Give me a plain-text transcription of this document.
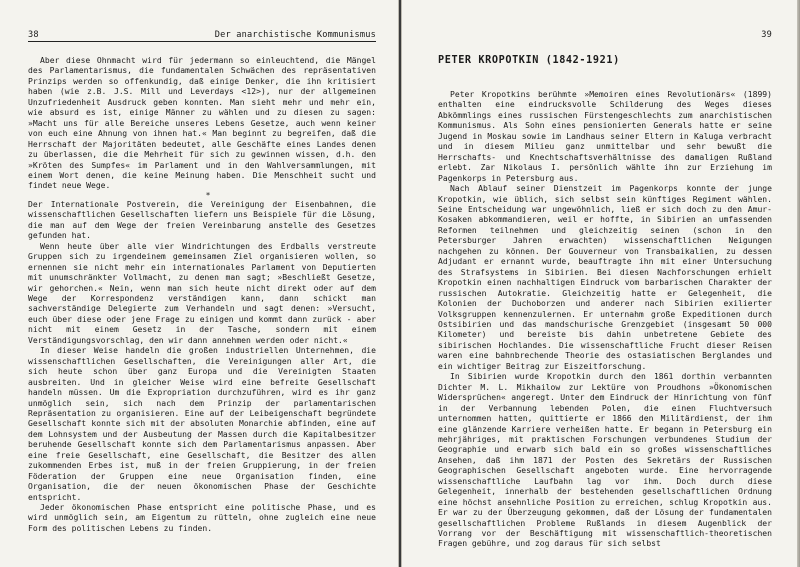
38	Der anarchistische Kommunismus

Aber diese Ohnmacht wird für jedermann so einleuchtend, die Mängel des Parlamentarismus, die fundamentalen Schwächen des repräsentativen Prinzips werden so offenkundig, daß einige Denker, die ihn kritisiert haben (wie z.B. J.S. Mill und Leverdays <12>), nur der allgemeinen Unzufriedenheit Ausdruck geben konnten. Man sieht mehr und mehr ein, wie absurd es ist, einige Männer zu wählen und zu diesen zu sagen: »Macht uns für alle Bereiche unseres Lebens Gesetze, auch wenn keiner von euch eine Ahnung von ihnen hat.« Man beginnt zu begreifen, daß die Herrschaft der Majoritäten bedeutet, alle Geschäfte eines Landes denen zu überlassen, die die Mehrheit für sich zu gewinnen wissen, d.h. den »Kröten des Sumpfes« im Parlament und in den Wahlversammlungen, mit einem Wort denen, die keine Meinung haben. Die Menschheit sucht und findet neue Wege.

*

Der Internationale Postverein, die Vereinigung der Eisenbahnen, die wissenschaftlichen Gesellschaften liefern uns Beispiele für die Lösung, die man auf dem Wege der freien Vereinbarung anstelle des Gesetzes gefunden hat.

Wenn heute über alle vier Windrichtungen des Erdballs verstreute Gruppen sich zu irgendeinem gemeinsamen Ziel organisieren wollen, so ernennen sie nicht mehr ein internationales Parlament von Deputierten mit unumschränkter Vollmacht, zu denen man sagt; »Beschließt Gesetze, wir gehorchen.« Nein, wenn man sich heute nicht direkt oder auf dem Wege der Korrespondenz verständigen kann, dann schickt man sachverständige Delegierte zum Verhandeln und sagt denen: »Versucht, euch über diese oder jene Frage zu einigen und kommt dann zurück - aber nicht mit einem Gesetz in der Tasche, sondern mit einem Verständigungsvorschlag, den wir dann annehmen werden oder nicht.«

In dieser Weise handeln die großen industriellen Unternehmen, die wissenschaftlichen Gesellschaften, die Vereinigungen aller Art, die sich heute schon über ganz Europa und die Vereinigten Staaten ausbreiten. Und in gleicher Weise wird eine befreite Gesellschaft handeln müssen. Um die Expropriation durchzuführen, wird es ihr ganz unmöglich sein, sich nach dem Prinzip der parlamentarischen Repräsentation zu organisieren. Eine auf der Leibeigenschaft begründete Gesellschaft konnte sich mit der absoluten Monarchie abfinden, eine auf dem Lohnsystem und der Ausbeutung der Massen durch die Kapitalbesitzer beruhende Gesellschaft konnte sich dem Parlamentarismus anpassen. Aber eine freie Gesellschaft, eine Gesellschaft, die Besitzer des allen zukommenden Erbes ist, muß in der freien Gruppierung, in der freien Föderation der Gruppen eine neue Organisation finden, eine Organisation, die der neuen ökonomischen Phase der Geschichte entspricht.

Jeder ökonomischen Phase entspricht eine politische Phase, und es wird unmöglich sein, am Eigentum zu rütteln, ohne zugleich eine neue Form des politischen Lebens zu finden.

39
PETER KROPOTKIN (1842-1921)

Peter Kropotkins berühmte »Memoiren eines Revolutionärs« (1899) enthalten eine eindrucksvolle Schilderung des Weges dieses Abkömmlings eines russischen Fürstengeschlechts zum anarchistischen Kommunismus. Als Sohn eines pensionierten Generals hatte er seine Jugend in Moskau sowie im Landhaus seiner Eltern in Kaluga verbracht und in diesem Milieu ganz unmittelbar und sehr bewußt die Herrschafts- und Knechtschaftsverhältnisse des damaligen Rußland erlebt. Zar Nikolaus I. persönlich wählte ihn zur Erziehung im Pagenkorps in Petersburg aus.

Nach Ablauf seiner Dienstzeit im Pagenkorps konnte der junge Kropotkin, wie üblich, sich selbst sein künftiges Regiment wählen. Seine Entscheidung war ungewöhnlich, ließ er sich doch zu den Amur-Kosaken abkommandieren, weil er hoffte, in Sibirien an umfassenden Reformen teilnehmen und gleichzeitig seinen (schon in den Petersburger Jahren erwachten) wissenschaftlichen Neigungen nachgehen zu können. Der Gouverneur von Transbaikalien, zu dessen Adjudant er ernannt wurde, beauftragte ihn mit einer Untersuchung des Strafsystems in Sibirien. Bei diesen Nachforschungen erhielt Kropotkin einen nachhaltigen Eindruck vom barbarischen Charakter der russischen Autokratie. Gleichzeitig hatte er Gelegenheit, die Kolonien der Duchoborzen und anderer nach Sibirien exilierter Volksgruppen kennenzulernen. Er unternahm große Expeditionen durch Ostsibirien und das mandschurische Grenzgebiet (insgesamt 50 000 Kilometer) und bereiste bis dahin unbetretene Gebiete des sibirischen Hochlandes. Die wissenschaftliche Frucht dieser Reisen waren eine bahnbrechende Theorie des ostasiatischen Berglandes und ein wichtiger Beitrag zur Eiszeitforschung.

In Sibirien wurde Kropotkin durch den 1861 dorthin verbannten Dichter M. L. Mikhailow zur Lektüre von Proudhons »Ökonomischen Widersprüchen« angeregt. Unter dem Eindruck der Hinrichtung von fünf in der Verbannung lebenden Polen, die einen Fluchtversuch unternommen hatten, quittierte er 1866 den Militärdienst, der ihm eine glänzende Karriere verheißen hatte. Er begann in Petersburg ein mehrjähriges, mit praktischen Forschungen verbundenes Studium der Geographie und erwarb sich bald ein so großes wissenschaftliches Ansehen, daß ihm 1871 der Posten des Sekretärs der Russischen Geographischen Gesellschaft angeboten wurde. Eine hervorragende wissenschaftliche Laufbahn lag vor ihm. Doch durch diese Gelegenheit, innerhalb der bestehenden gesellschaftlichen Ordnung eine höchst ansehnliche Position zu erreichen, schlug Kropotkin aus. Er war zu der Überzeugung gekommen, daß der Lösung der fundamentalen gesellschaftlichen Probleme Rußlands in diesem Augenblick der Vorrang vor der Beschäftigung mit wissenschaftlich-theoretischen Fragen gebühre, und zog daraus für sich selbst
